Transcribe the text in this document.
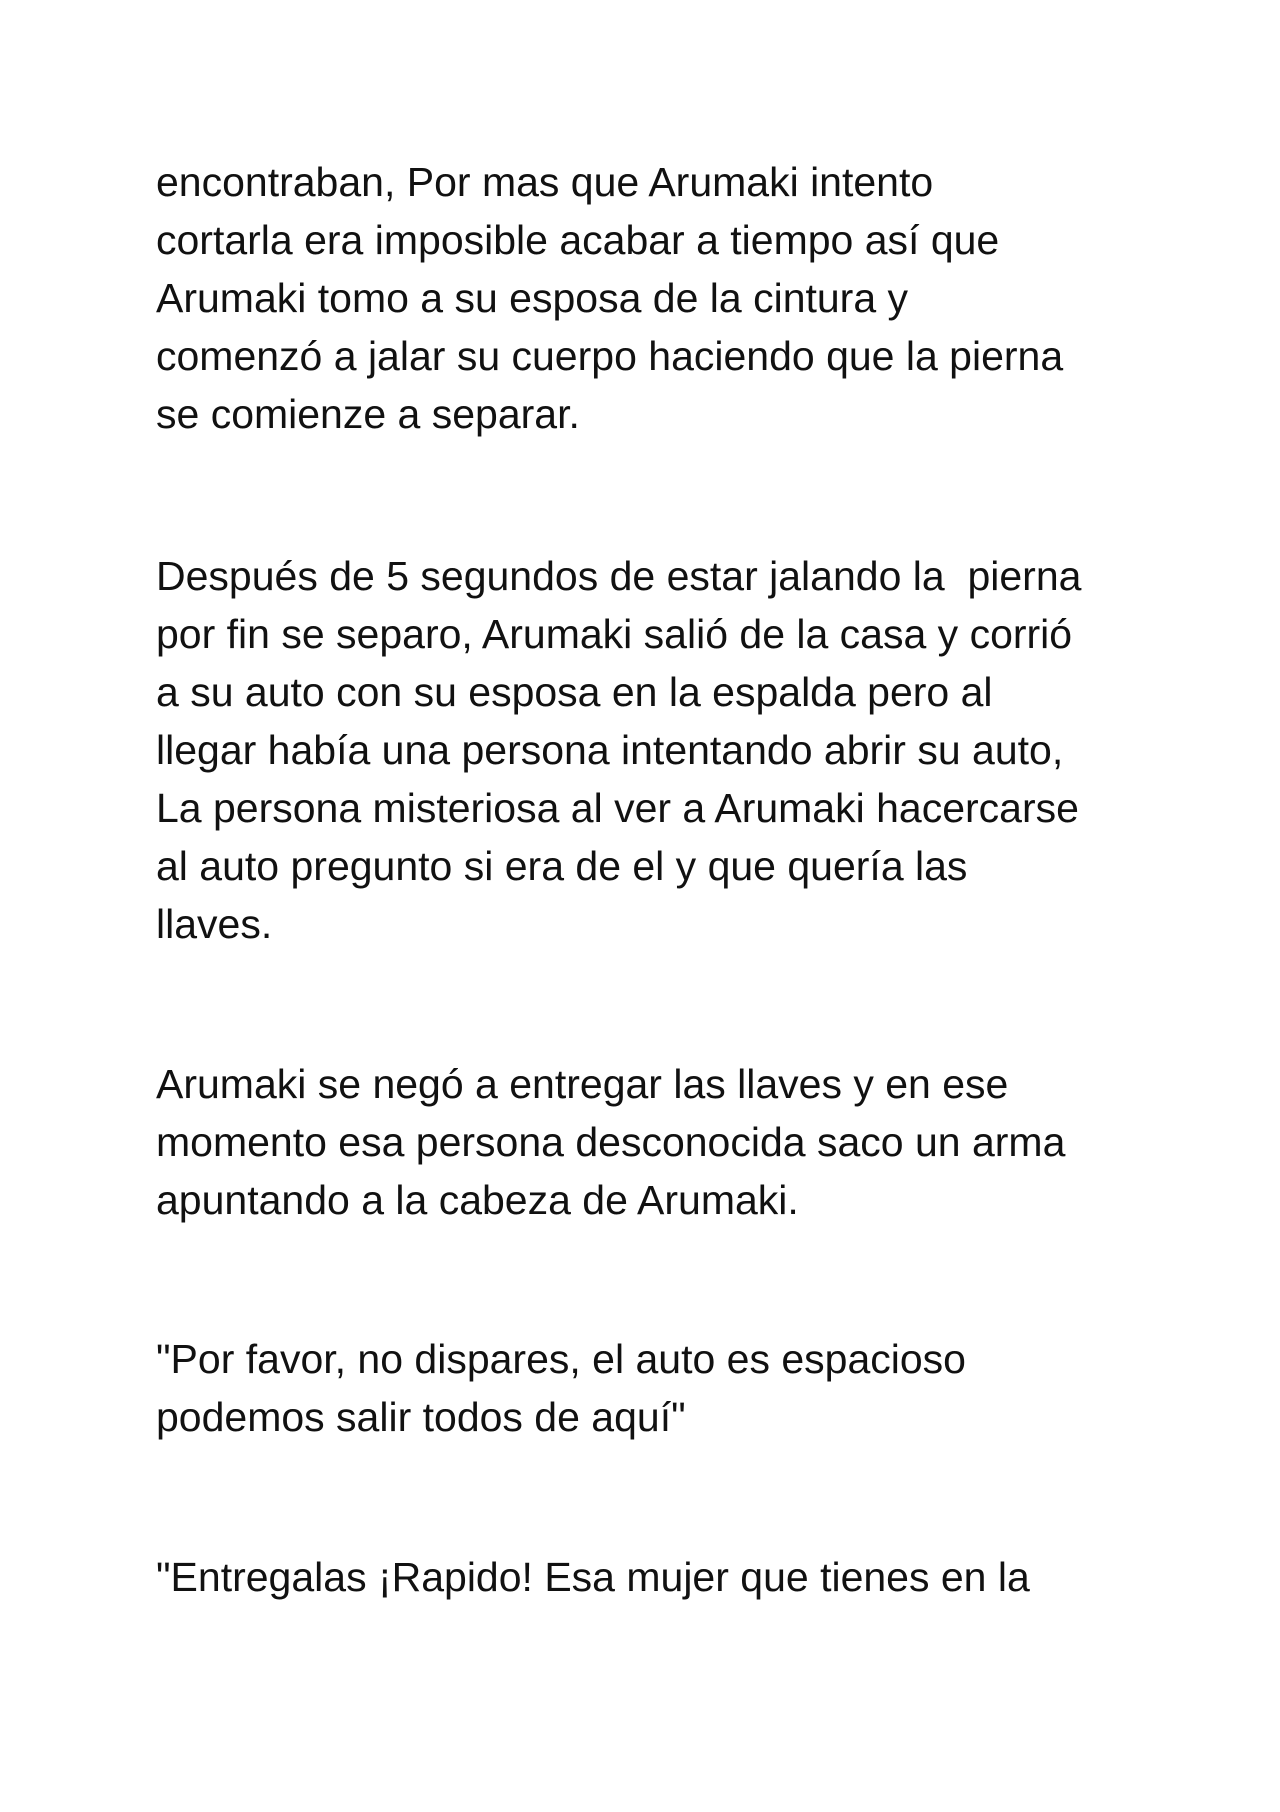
encontraban, Por mas que Arumaki intento
cortarla era imposible acabar a tiempo así que
Arumaki tomo a su esposa de la cintura y
comenzó a jalar su cuerpo haciendo que la pierna
se comienze a separar.
Después de 5 segundos de estar jalando la  pierna
por fin se separo, Arumaki salió de la casa y corrió
a su auto con su esposa en la espalda pero al
llegar había una persona intentando abrir su auto,
La persona misteriosa al ver a Arumaki hacercarse
al auto pregunto si era de el y que quería las
llaves.
Arumaki se negó a entregar las llaves y en ese
momento esa persona desconocida saco un arma
apuntando a la cabeza de Arumaki.
"Por favor, no dispares, el auto es espacioso
podemos salir todos de aquí"
"Entregalas ¡Rapido! Esa mujer que tienes en la
